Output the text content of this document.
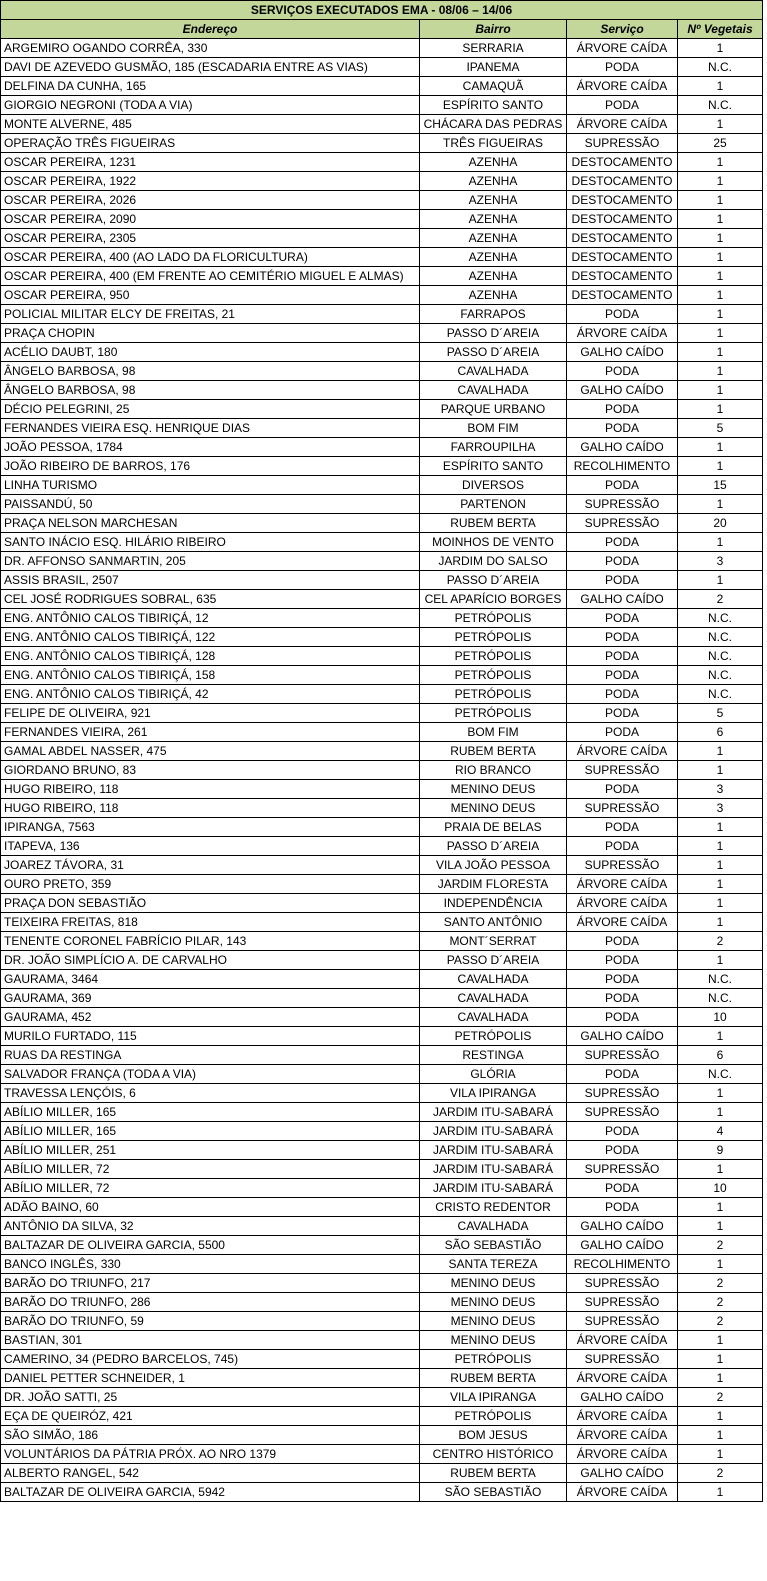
SERVIÇOS EXECUTADOS EMA - 08/06 – 14/06			
Endereço	Bairro	Serviço	Nº Vegetais
ARGEMIRO OGANDO CORRÊA, 330	SERRARIA	ÁRVORE CAÍDA	1
DAVI DE AZEVEDO GUSMÃO, 185 (ESCADARIA ENTRE AS VIAS)	IPANEMA	PODA	N.C.
DELFINA DA CUNHA, 165	CAMAQUÃ	ÁRVORE CAÍDA	1
GIORGIO NEGRONI (TODA A VIA)	ESPÍRITO SANTO	PODA	N.C.
MONTE ALVERNE, 485	CHÁCARA DAS PEDRAS	ÁRVORE CAÍDA	1
OPERAÇÃO TRÊS FIGUEIRAS	TRÊS FIGUEIRAS	SUPRESSÃO	25
OSCAR PEREIRA, 1231	AZENHA	DESTOCAMENTO	1
OSCAR PEREIRA, 1922	AZENHA	DESTOCAMENTO	1
OSCAR PEREIRA, 2026	AZENHA	DESTOCAMENTO	1
OSCAR PEREIRA, 2090	AZENHA	DESTOCAMENTO	1
OSCAR PEREIRA, 2305	AZENHA	DESTOCAMENTO	1
OSCAR PEREIRA, 400 (AO LADO DA FLORICULTURA)	AZENHA	DESTOCAMENTO	1
OSCAR PEREIRA, 400 (EM FRENTE AO CEMITÉRIO MIGUEL E ALMAS)	AZENHA	DESTOCAMENTO	1
OSCAR PEREIRA, 950	AZENHA	DESTOCAMENTO	1
POLICIAL MILITAR ELCY DE FREITAS, 21	FARRAPOS	PODA	1
PRAÇA CHOPIN	PASSO D´AREIA	ÁRVORE CAÍDA	1
ACÉLIO DAUBT, 180	PASSO D´AREIA	GALHO CAÍDO	1
ÂNGELO BARBOSA, 98	CAVALHADA	PODA	1
ÂNGELO BARBOSA, 98	CAVALHADA	GALHO CAÍDO	1
DÉCIO PELEGRINI, 25	PARQUE URBANO	PODA	1
FERNANDES VIEIRA ESQ. HENRIQUE DIAS	BOM FIM	PODA	5
JOÃO PESSOA, 1784	FARROUPILHA	GALHO CAÍDO	1
JOÃO RIBEIRO DE BARROS, 176	ESPÍRITO SANTO	RECOLHIMENTO	1
LINHA TURISMO	DIVERSOS	PODA	15
PAISSANDÚ, 50	PARTENON	SUPRESSÃO	1
PRAÇA NELSON MARCHESAN	RUBEM BERTA	SUPRESSÃO	20
SANTO INÁCIO ESQ. HILÁRIO RIBEIRO	MOINHOS DE VENTO	PODA	1
DR. AFFONSO SANMARTIN, 205	JARDIM DO SALSO	PODA	3
ASSIS BRASIL, 2507	PASSO D´AREIA	PODA	1
CEL JOSÉ RODRIGUES SOBRAL, 635	CEL APARÍCIO BORGES	GALHO CAÍDO	2
ENG. ANTÔNIO CALOS TIBIRIÇÁ, 12	PETRÓPOLIS	PODA	N.C.
ENG. ANTÔNIO CALOS TIBIRIÇÁ, 122	PETRÓPOLIS	PODA	N.C.
ENG. ANTÔNIO CALOS TIBIRIÇÁ, 128	PETRÓPOLIS	PODA	N.C.
ENG. ANTÔNIO CALOS TIBIRIÇÁ, 158	PETRÓPOLIS	PODA	N.C.
ENG. ANTÔNIO CALOS TIBIRIÇÁ, 42	PETRÓPOLIS	PODA	N.C.
FELIPE DE OLIVEIRA, 921	PETRÓPOLIS	PODA	5
FERNANDES VIEIRA, 261	BOM FIM	PODA	6
GAMAL ABDEL NASSER, 475	RUBEM BERTA	ÁRVORE CAÍDA	1
GIORDANO BRUNO, 83	RIO BRANCO	SUPRESSÃO	1
HUGO RIBEIRO, 118	MENINO DEUS	PODA	3
HUGO RIBEIRO, 118	MENINO DEUS	SUPRESSÃO	3
IPIRANGA, 7563	PRAIA DE BELAS	PODA	1
ITAPEVA, 136	PASSO D´AREIA	PODA	1
JOAREZ TÁVORA, 31	VILA JOÃO PESSOA	SUPRESSÃO	1
OURO PRETO, 359	JARDIM FLORESTA	ÁRVORE CAÍDA	1
PRAÇA DON SEBASTIÃO	INDEPENDÊNCIA	ÁRVORE CAÍDA	1
TEIXEIRA FREITAS, 818	SANTO ANTÔNIO	ÁRVORE CAÍDA	1
TENENTE CORONEL FABRÍCIO PILAR, 143	MONT´SERRAT	PODA	2
DR. JOÃO SIMPLÍCIO A. DE CARVALHO	PASSO D´AREIA	PODA	1
GAURAMA, 3464	CAVALHADA	PODA	N.C.
GAURAMA, 369	CAVALHADA	PODA	N.C.
GAURAMA, 452	CAVALHADA	PODA	10
MURILO FURTADO, 115	PETRÓPOLIS	GALHO CAÍDO	1
RUAS DA RESTINGA	RESTINGA	SUPRESSÃO	6
SALVADOR FRANÇA (TODA A VIA)	GLÓRIA	PODA	N.C.
TRAVESSA LENÇÓIS, 6	VILA IPIRANGA	SUPRESSÃO	1
ABÍLIO MILLER, 165	JARDIM ITU-SABARÁ	SUPRESSÃO	1
ABÍLIO MILLER, 165	JARDIM ITU-SABARÁ	PODA	4
ABÍLIO MILLER, 251	JARDIM ITU-SABARÁ	PODA	9
ABÍLIO MILLER, 72	JARDIM ITU-SABARÁ	SUPRESSÃO	1
ABÍLIO MILLER, 72	JARDIM ITU-SABARÁ	PODA	10
ADÃO BAINO, 60	CRISTO REDENTOR	PODA	1
ANTÔNIO DA SILVA, 32	CAVALHADA	GALHO CAÍDO	1
BALTAZAR DE OLIVEIRA GARCIA, 5500	SÃO SEBASTIÃO	GALHO CAÍDO	2
BANCO INGLÊS, 330	SANTA TEREZA	RECOLHIMENTO	1
BARÃO DO TRIUNFO, 217	MENINO DEUS	SUPRESSÃO	2
BARÃO DO TRIUNFO, 286	MENINO DEUS	SUPRESSÃO	2
BARÃO DO TRIUNFO, 59	MENINO DEUS	SUPRESSÃO	2
BASTIAN, 301	MENINO DEUS	ÁRVORE CAÍDA	1
CAMERINO, 34 (PEDRO BARCELOS, 745)	PETRÓPOLIS	SUPRESSÃO	1
DANIEL PETTER SCHNEIDER, 1	RUBEM BERTA	ÁRVORE CAÍDA	1
DR. JOÃO SATTI, 25	VILA IPIRANGA	GALHO CAÍDO	2
EÇA DE QUEIRÓZ, 421	PETRÓPOLIS	ÁRVORE CAÍDA	1
SÃO SIMÃO, 186	BOM JESUS	ÁRVORE CAÍDA	1
VOLUNTÁRIOS DA PÁTRIA PRÓX. AO NRO 1379	CENTRO HISTÓRICO	ÁRVORE CAÍDA	1
ALBERTO RANGEL, 542	RUBEM BERTA	GALHO CAÍDO	2
BALTAZAR DE OLIVEIRA GARCIA, 5942	SÃO SEBASTIÃO	ÁRVORE CAÍDA	1
